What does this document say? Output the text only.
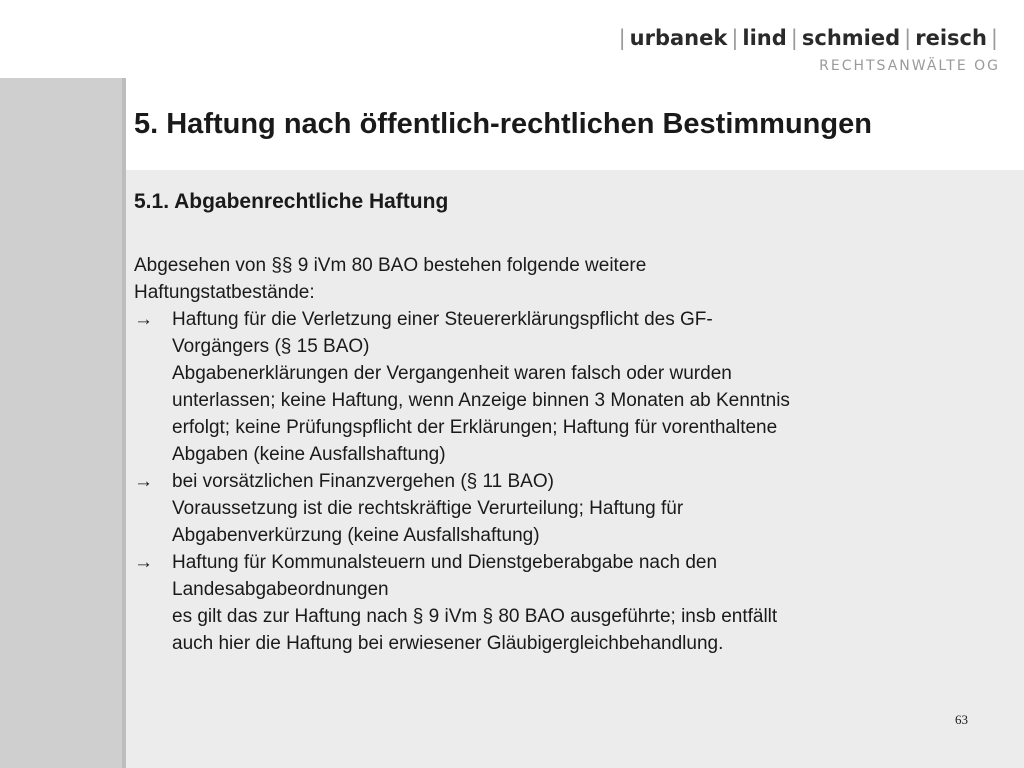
| urbanek | lind | schmied | reisch |
RECHTSANWÄLTE OG
5. Haftung nach öffentlich-rechtlichen Bestimmungen
5.1. Abgabenrechtliche Haftung
Abgesehen von §§ 9 iVm 80 BAO bestehen folgende weitere
Haftungstatbestände:
→	Haftung für die Verletzung einer Steuererklärungspflicht des GF-
Vorgängers (§ 15 BAO)
Abgabenerklärungen der Vergangenheit waren falsch oder wurden
unterlassen; keine Haftung, wenn Anzeige binnen 3 Monaten ab Kenntnis
erfolgt; keine Prüfungspflicht der Erklärungen; Haftung für vorenthaltene
Abgaben (keine Ausfallshaftung)
→	bei vorsätzlichen Finanzvergehen (§ 11 BAO)
Voraussetzung ist die rechtskräftige Verurteilung; Haftung für
Abgabenverkürzung (keine Ausfallshaftung)
→	Haftung für Kommunalsteuern und Dienstgeberabgabe nach den
Landesabgabeordnungen
es gilt das zur Haftung nach § 9 iVm § 80 BAO ausgeführte; insb entfällt
auch hier die Haftung bei erwiesener Gläubigergleichbehandlung.
63
